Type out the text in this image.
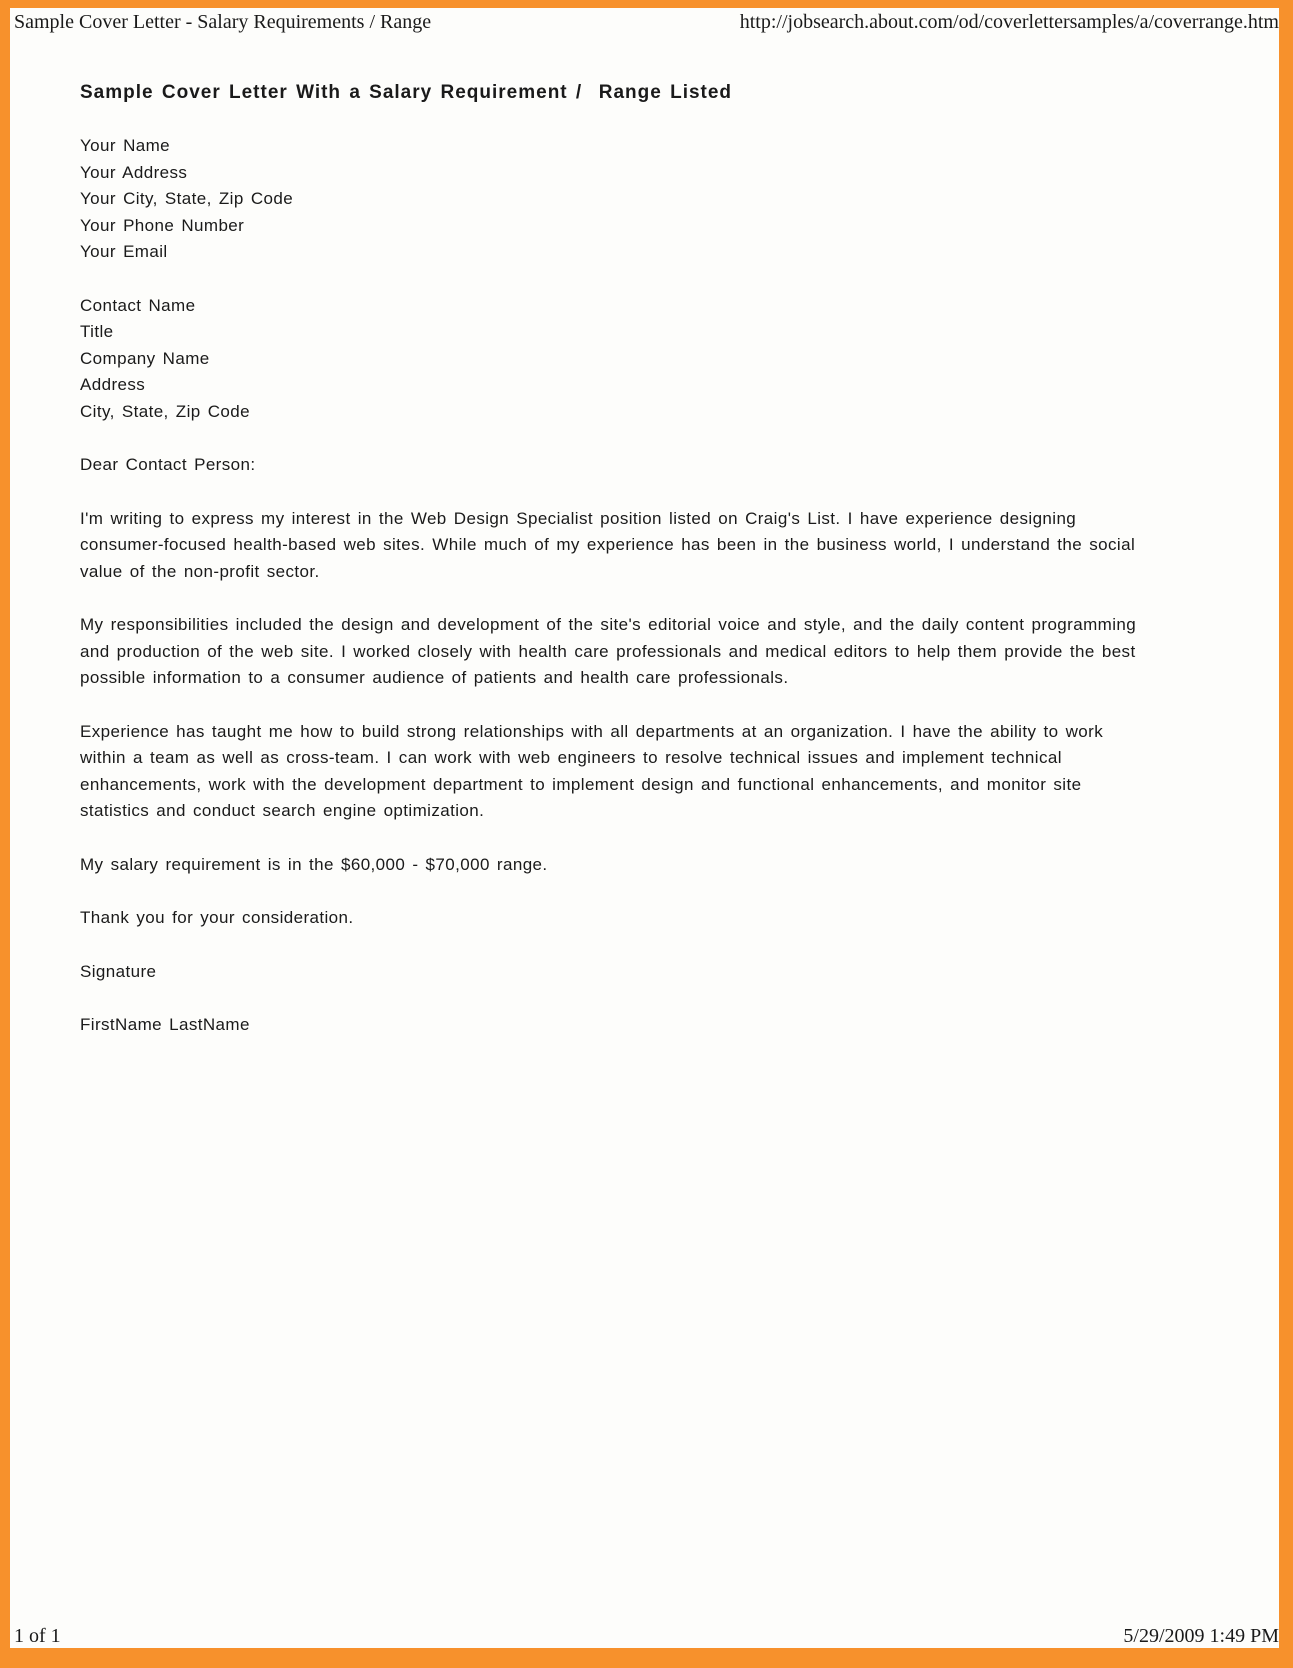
Sample Cover Letter - Salary Requirements / Range	http://jobsearch.about.com/od/coverlettersamples/a/coverrange.htm
Sample Cover Letter With a Salary Requirement /  Range Listed
Your Name
Your Address
Your City, State, Zip Code
Your Phone Number
Your Email
Contact Name
Title
Company Name
Address
City, State, Zip Code

Dear Contact Person:

I'm writing to express my interest in the Web Design Specialist position listed on Craig's List. I have experience designing consumer-focused health-based web sites. While much of my experience has been in the business world, I understand the social value of the non-profit sector.

My responsibilities included the design and development of the site's editorial voice and style, and the daily content programming and production of the web site. I worked closely with health care professionals and medical editors to help them provide the best possible information to a consumer audience of patients and health care professionals.

Experience has taught me how to build strong relationships with all departments at an organization. I have the ability to work within a team as well as cross-team. I can work with web engineers to resolve technical issues and implement technical enhancements, work with the development department to implement design and functional enhancements, and monitor site statistics and conduct search engine optimization.

My salary requirement is in the $60,000 - $70,000 range.

Thank you for your consideration.

Signature

FirstName LastName

1 of 1	5/29/2009 1:49 PM
